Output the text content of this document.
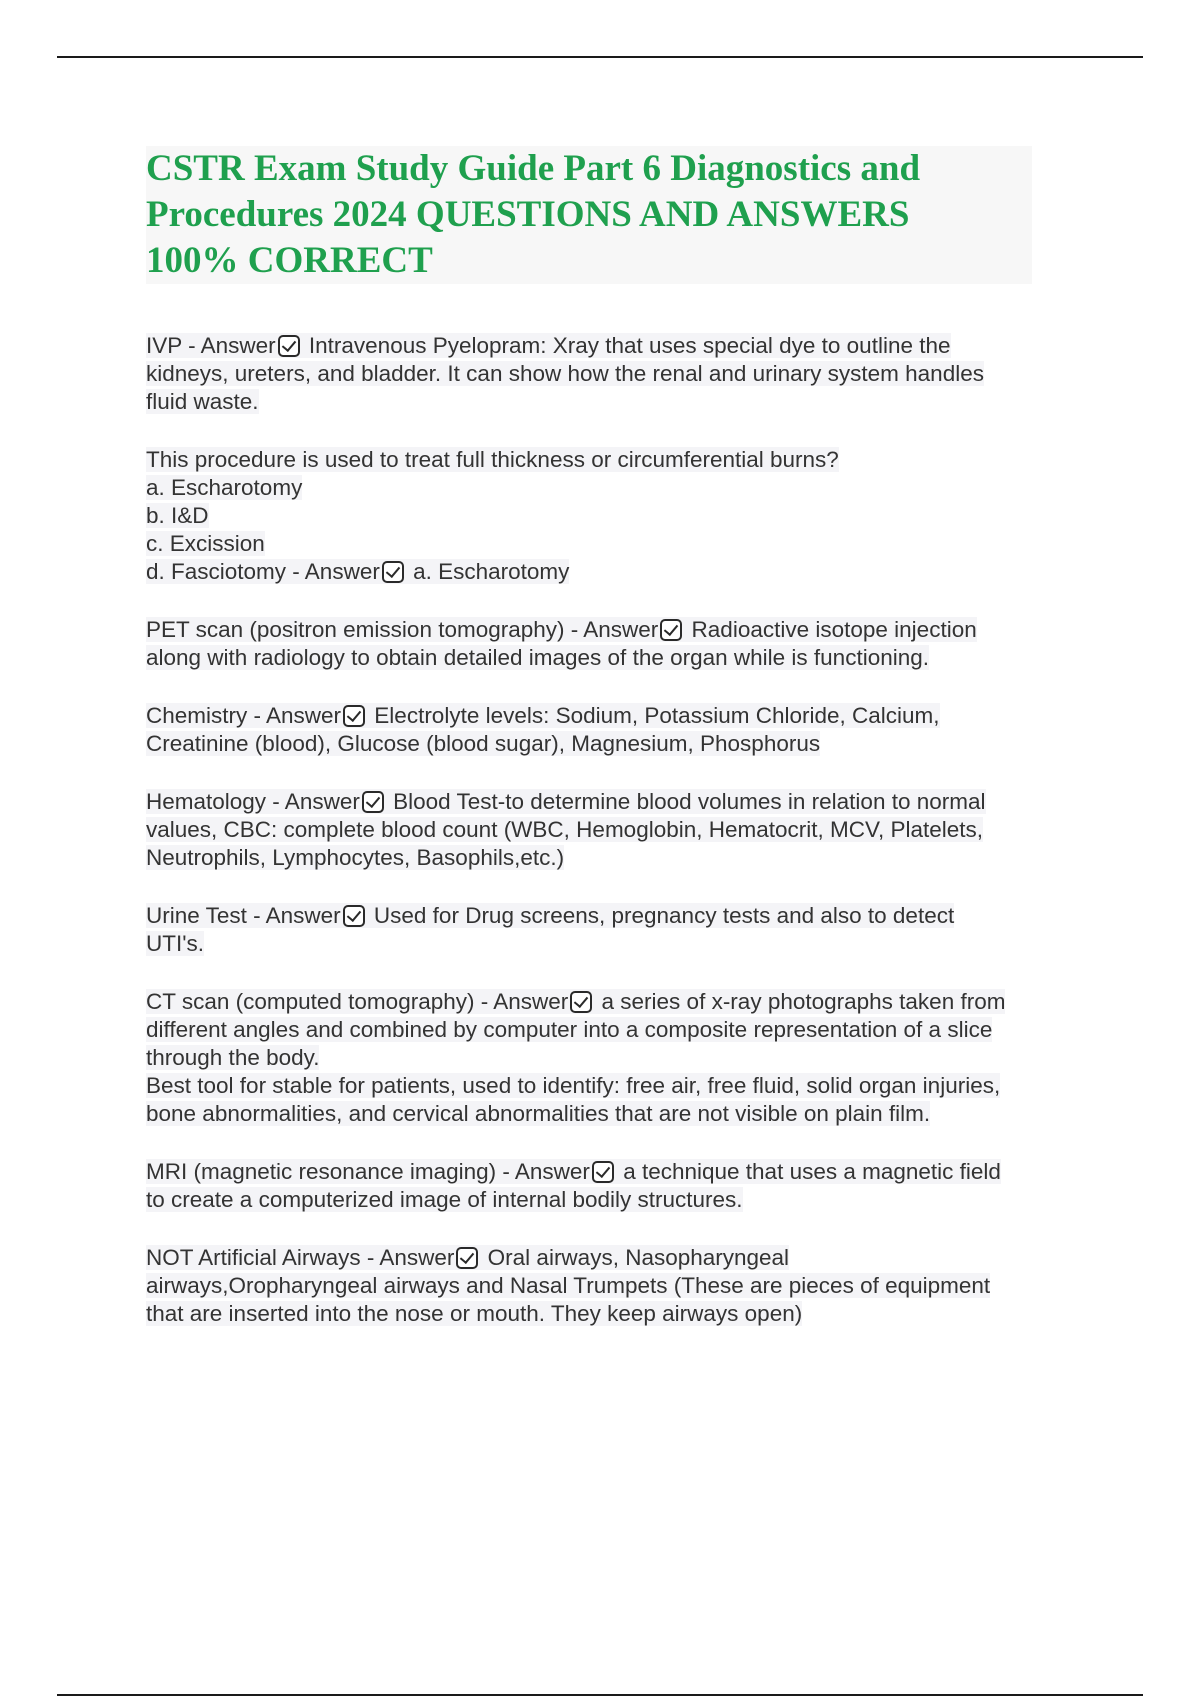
CSTR Exam Study Guide Part 6 Diagnostics and
Procedures 2024 QUESTIONS AND ANSWERS
100% CORRECT
IVP - Answer Intravenous Pyelopram: Xray that uses special dye to outline the
kidneys, ureters, and bladder. It can show how the renal and urinary system handles
fluid waste.
This procedure is used to treat full thickness or circumferential burns?
a. Escharotomy
b. I&D
c. Excission
d. Fasciotomy - Answer a. Escharotomy
PET scan (positron emission tomography) - Answer Radioactive isotope injection
along with radiology to obtain detailed images of the organ while is functioning.
Chemistry - Answer Electrolyte levels: Sodium, Potassium Chloride, Calcium,
Creatinine (blood), Glucose (blood sugar), Magnesium, Phosphorus
Hematology - Answer Blood Test-to determine blood volumes in relation to normal
values, CBC: complete blood count (WBC, Hemoglobin, Hematocrit, MCV, Platelets,
Neutrophils, Lymphocytes, Basophils,etc.)
Urine Test - Answer Used for Drug screens, pregnancy tests and also to detect
UTI's.
CT scan (computed tomography) - Answer a series of x-ray photographs taken from
different angles and combined by computer into a composite representation of a slice
through the body.
Best tool for stable for patients, used to identify: free air, free fluid, solid organ injuries,
bone abnormalities, and cervical abnormalities that are not visible on plain film.
MRI (magnetic resonance imaging) - Answer a technique that uses a magnetic field
to create a computerized image of internal bodily structures.
NOT Artificial Airways - Answer Oral airways, Nasopharyngeal
airways,Oropharyngeal airways and Nasal Trumpets (These are pieces of equipment
that are inserted into the nose or mouth. They keep airways open)
